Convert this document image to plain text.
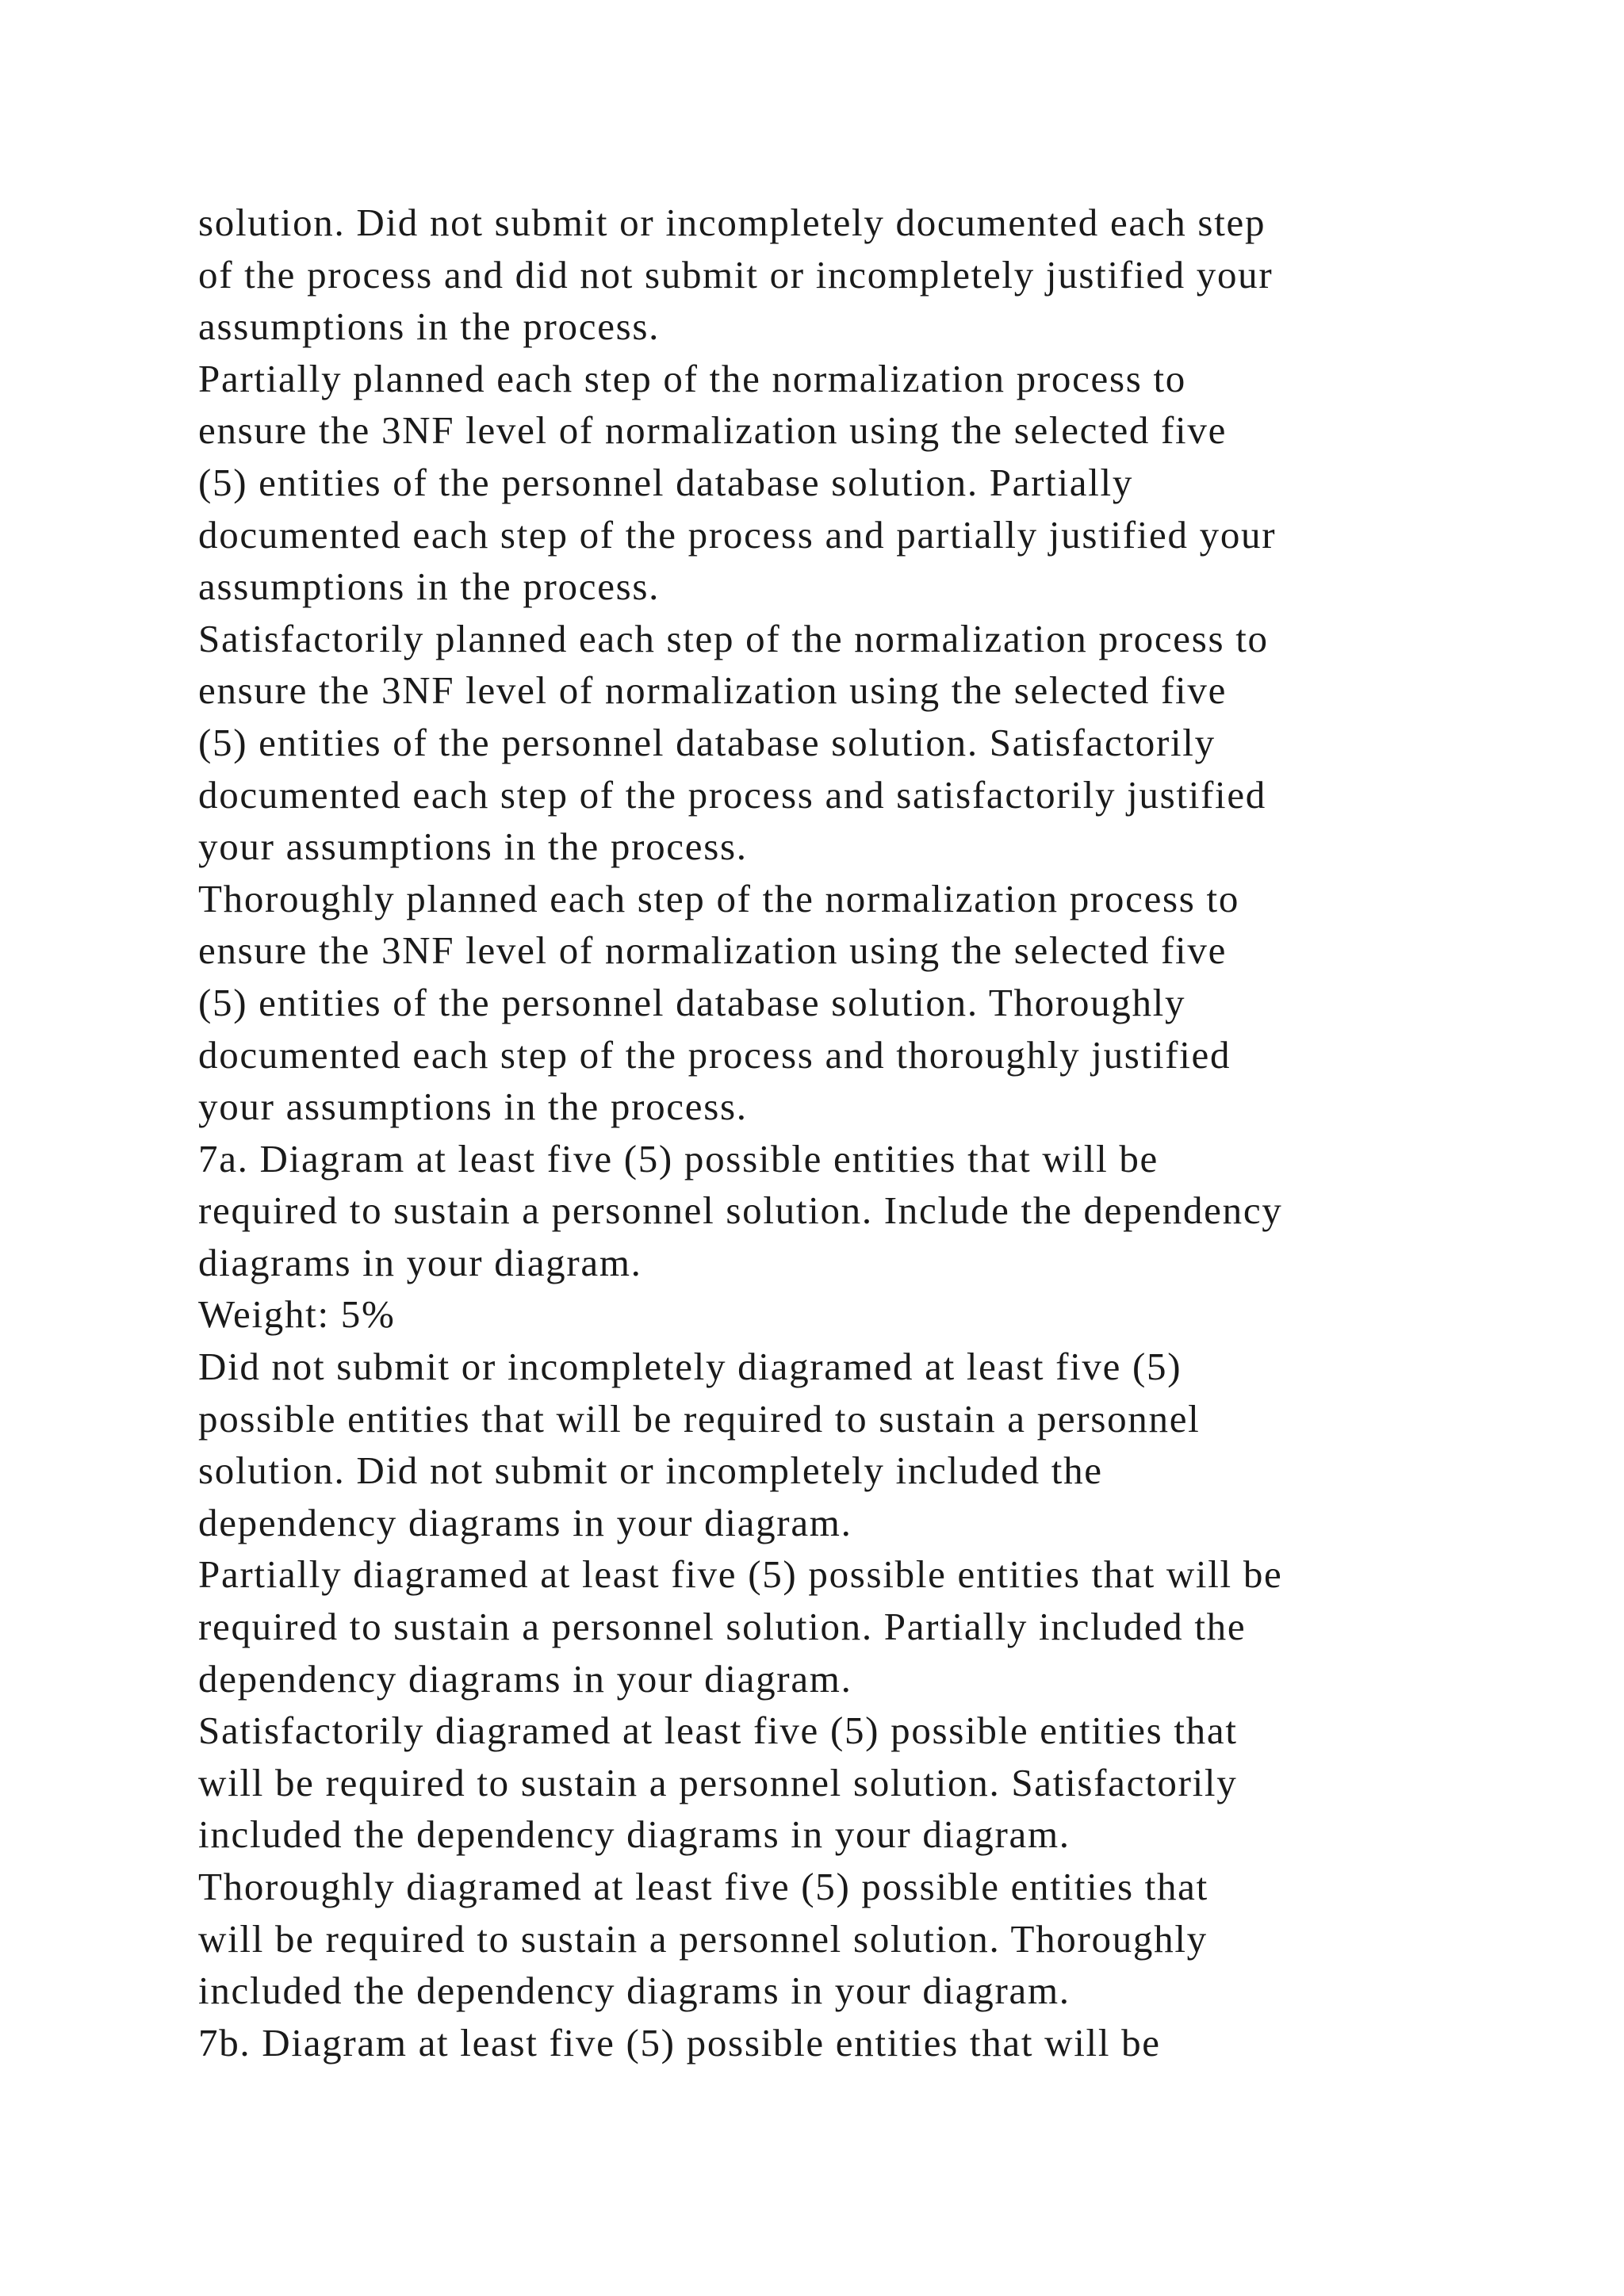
solution. Did not submit or incompletely documented each step
of the process and did not submit or incompletely justified your
assumptions in the process.
Partially planned each step of the normalization process to
ensure the 3NF level of normalization using the selected five
(5) entities of the personnel database solution. Partially
documented each step of the process and partially justified your
assumptions in the process.
Satisfactorily planned each step of the normalization process to
ensure the 3NF level of normalization using the selected five
(5) entities of the personnel database solution. Satisfactorily
documented each step of the process and satisfactorily justified
your assumptions in the process.
Thoroughly planned each step of the normalization process to
ensure the 3NF level of normalization using the selected five
(5) entities of the personnel database solution. Thoroughly
documented each step of the process and thoroughly justified
your assumptions in the process.
7a. Diagram at least five (5) possible entities that will be
required to sustain a personnel solution. Include the dependency
diagrams in your diagram.
Weight: 5%
Did not submit or incompletely diagramed at least five (5)
possible entities that will be required to sustain a personnel
solution. Did not submit or incompletely included the
dependency diagrams in your diagram.
Partially diagramed at least five (5) possible entities that will be
required to sustain a personnel solution. Partially included the
dependency diagrams in your diagram.
Satisfactorily diagramed at least five (5) possible entities that
will be required to sustain a personnel solution. Satisfactorily
included the dependency diagrams in your diagram.
Thoroughly diagramed at least five (5) possible entities that
will be required to sustain a personnel solution. Thoroughly
included the dependency diagrams in your diagram.
7b. Diagram at least five (5) possible entities that will be
